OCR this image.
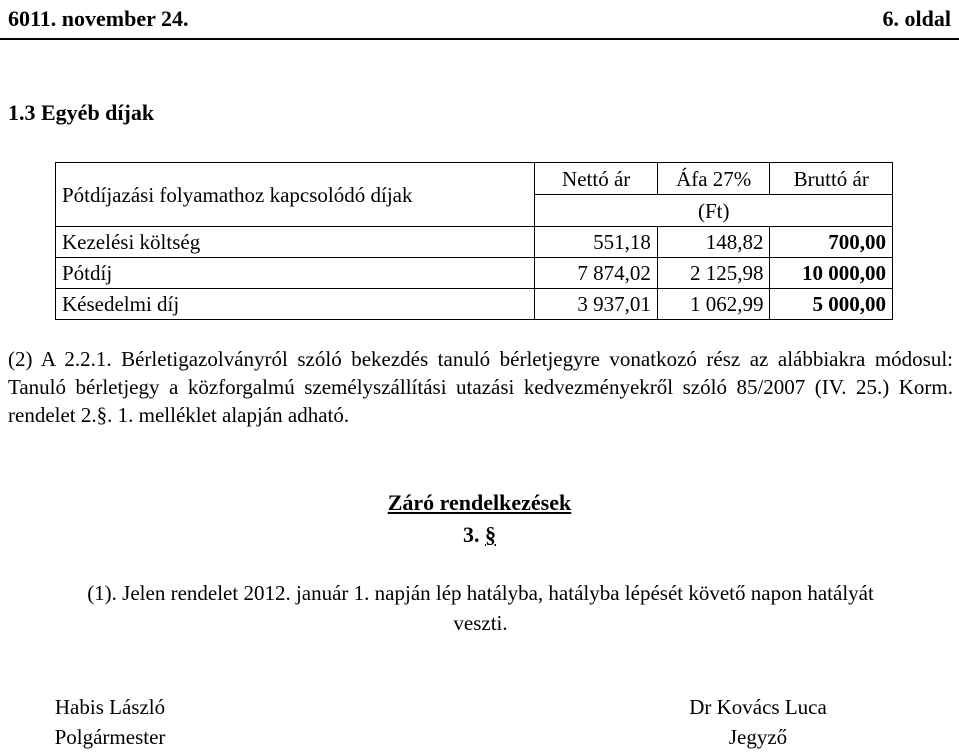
6011. november 24.	6. oldal
1.3 Egyéb díjak
Pótdíjazási folyamathoz kapcsolódó díjak	Nettó ár	Áfa 27%	Bruttó ár
	(Ft)		
Kezelési költség	551,18	148,82	700,00
Pótdíj	7 874,02	2 125,98	10 000,00
Késedelmi díj	3 937,01	1 062,99	5 000,00
(2) A 2.2.1. Bérletigazolványról szóló bekezdés tanuló bérletjegyre vonatkozó rész az alábbiakra módosul: Tanuló bérletjegy a közforgalmú személyszállítási utazási kedvezményekről szóló 85/2007 (IV. 25.) Korm. rendelet 2.§. 1. melléklet alapján adható.
Záró rendelkezések
3. §
(1). Jelen rendelet 2012. január 1. napján lép hatályba, hatályba lépését követő napon hatályát
veszti.
Habis László
Polgármester
Dr Kovács Luca
Jegyző
